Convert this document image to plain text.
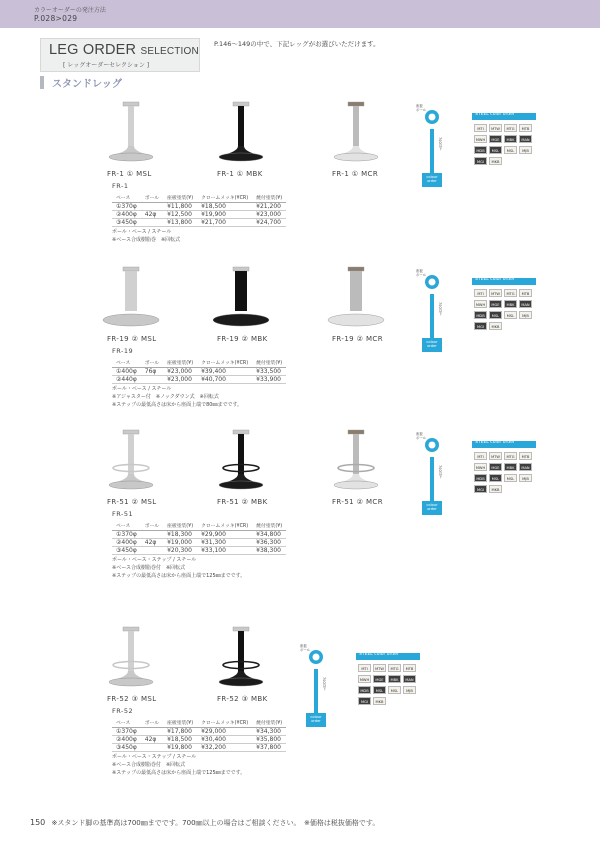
カラーオーダーの発注方法
P.028>029
LEG ORDER SELECTION
[ レッグオーダーセレクション ]
P.146〜149の中で、下記レッグがお選びいただけます。
スタンドレッグ
FR-1 ① MSL	FR-1 ① MBK	FR-1 ① MCR
STEEL color order
colour order
座板
ボール
700以下
MTI	MTW	MTG	MTB
MWH	MGE	MBK	MAN
MDB	MSL	MSL	MJB
MGI	MKB
FR-1
ベース	ポール	座板塗装(¥)	クロームメッキ(¥CR)	焼付塗装(¥)
①370φ		¥11,800	¥18,500	¥21,200
②400φ	42φ	¥12,500	¥19,900	¥23,000
③450φ		¥13,800	¥21,700	¥24,700
ポール・ベース / スチール
※ベース合成樹脂巻　※回転式
FR-19 ② MSL	FR-19 ② MBK	FR-19 ② MCR
STEEL color order
colour order
座板
ボール
700以下
MTI	MTW	MTG	MTB
MWH	MGE	MBK	MAN
MDB	MSL	MSL	MJB
MGI	MKB
FR-19
ベース	ポール	座板塗装(¥)	クロームメッキ(¥CR)	焼付塗装(¥)
①400φ	76φ	¥23,000	¥39,400	¥33,500
②440φ		¥23,000	¥40,700	¥33,900
ポール・ベース / スチール
※アジャスター付　※ノックダウン式　※回転式
※ステップの最低高さは床から座面上端で80㎜までです。
FR-51 ② MSL	FR-51 ② MBK	FR-51 ② MCR
STEEL color order
colour order
座板
ボール
700以下
MTI	MTW	MTG	MTB
MWH	MGE	MBK	MAN
MDB	MSL	MSL	MJB
MGI	MKB
FR-51
ベース	ポール	座板塗装(¥)	クロームメッキ(¥CR)	焼付塗装(¥)
①370φ		¥18,300	¥29,900	¥34,800
②400φ	42φ	¥19,000	¥31,300	¥36,300
③450φ		¥20,300	¥33,100	¥38,300
ポール・ベース・ステップ / スチール
※ベース合成樹脂巻付　※回転式
※ステップの最低高さは床から座面上端で125㎜までです。
FR-52 ③ MSL	FR-52 ③ MBK
STEEL color order
colour order
座板
ボール
700以下
MTI	MTW	MTG	MTB
MWH	MGE	MBK	MAN
MDB	MSL	MSL	MJB
MGI	MKB
FR-52
ベース	ポール	座板塗装(¥)	クロームメッキ(¥CR)	焼付塗装(¥)
①370φ		¥17,800	¥29,000	¥34,300
②400φ	42φ	¥18,500	¥30,400	¥35,800
③450φ		¥19,800	¥32,200	¥37,800
ポール・ベース・ステップ / スチール
※ベース合成樹脂巻付　※回転式
※ステップの最低高さは床から座面上端で125㎜までです。
150 ※スタンド脚の基準高は700㎜までです。700㎜以上の場合はご相談ください。　※価格は税抜価格です。
